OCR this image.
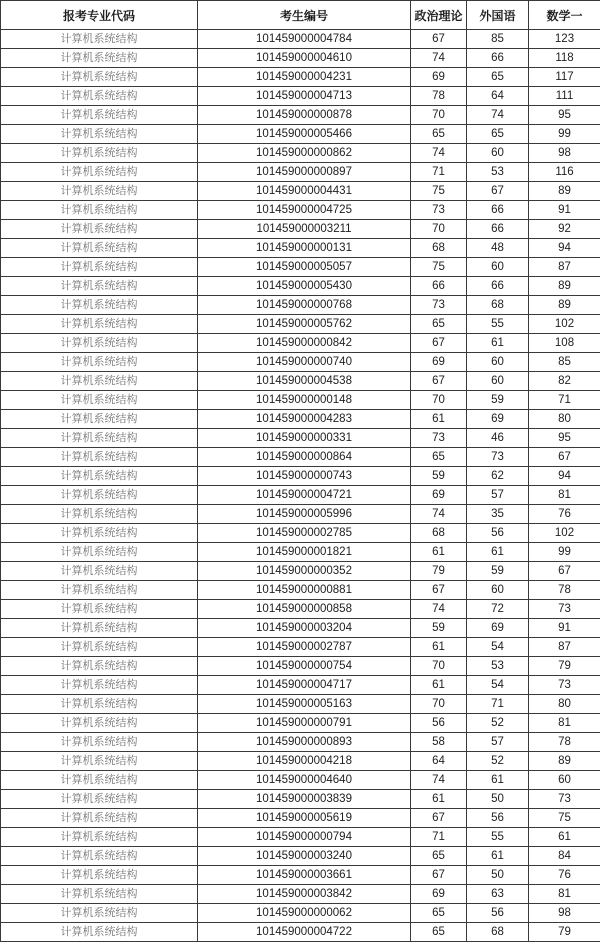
报考专业代码	考生编号	政治理论	外国语	数学一
计算机系统结构	101459000004784	67	85	123
计算机系统结构	101459000004610	74	66	118
计算机系统结构	101459000004231	69	65	117
计算机系统结构	101459000004713	78	64	111
计算机系统结构	101459000000878	70	74	95
计算机系统结构	101459000005466	65	65	99
计算机系统结构	101459000000862	74	60	98
计算机系统结构	101459000000897	71	53	116
计算机系统结构	101459000004431	75	67	89
计算机系统结构	101459000004725	73	66	91
计算机系统结构	101459000003211	70	66	92
计算机系统结构	101459000000131	68	48	94
计算机系统结构	101459000005057	75	60	87
计算机系统结构	101459000005430	66	66	89
计算机系统结构	101459000000768	73	68	89
计算机系统结构	101459000005762	65	55	102
计算机系统结构	101459000000842	67	61	108
计算机系统结构	101459000000740	69	60	85
计算机系统结构	101459000004538	67	60	82
计算机系统结构	101459000000148	70	59	71
计算机系统结构	101459000004283	61	69	80
计算机系统结构	101459000000331	73	46	95
计算机系统结构	101459000000864	65	73	67
计算机系统结构	101459000000743	59	62	94
计算机系统结构	101459000004721	69	57	81
计算机系统结构	101459000005996	74	35	76
计算机系统结构	101459000002785	68	56	102
计算机系统结构	101459000001821	61	61	99
计算机系统结构	101459000000352	79	59	67
计算机系统结构	101459000000881	67	60	78
计算机系统结构	101459000000858	74	72	73
计算机系统结构	101459000003204	59	69	91
计算机系统结构	101459000002787	61	54	87
计算机系统结构	101459000000754	70	53	79
计算机系统结构	101459000004717	61	54	73
计算机系统结构	101459000005163	70	71	80
计算机系统结构	101459000000791	56	52	81
计算机系统结构	101459000000893	58	57	78
计算机系统结构	101459000004218	64	52	89
计算机系统结构	101459000004640	74	61	60
计算机系统结构	101459000003839	61	50	73
计算机系统结构	101459000005619	67	56	75
计算机系统结构	101459000000794	71	55	61
计算机系统结构	101459000003240	65	61	84
计算机系统结构	101459000003661	67	50	76
计算机系统结构	101459000003842	69	63	81
计算机系统结构	101459000000062	65	56	98
计算机系统结构	101459000004722	65	68	79
